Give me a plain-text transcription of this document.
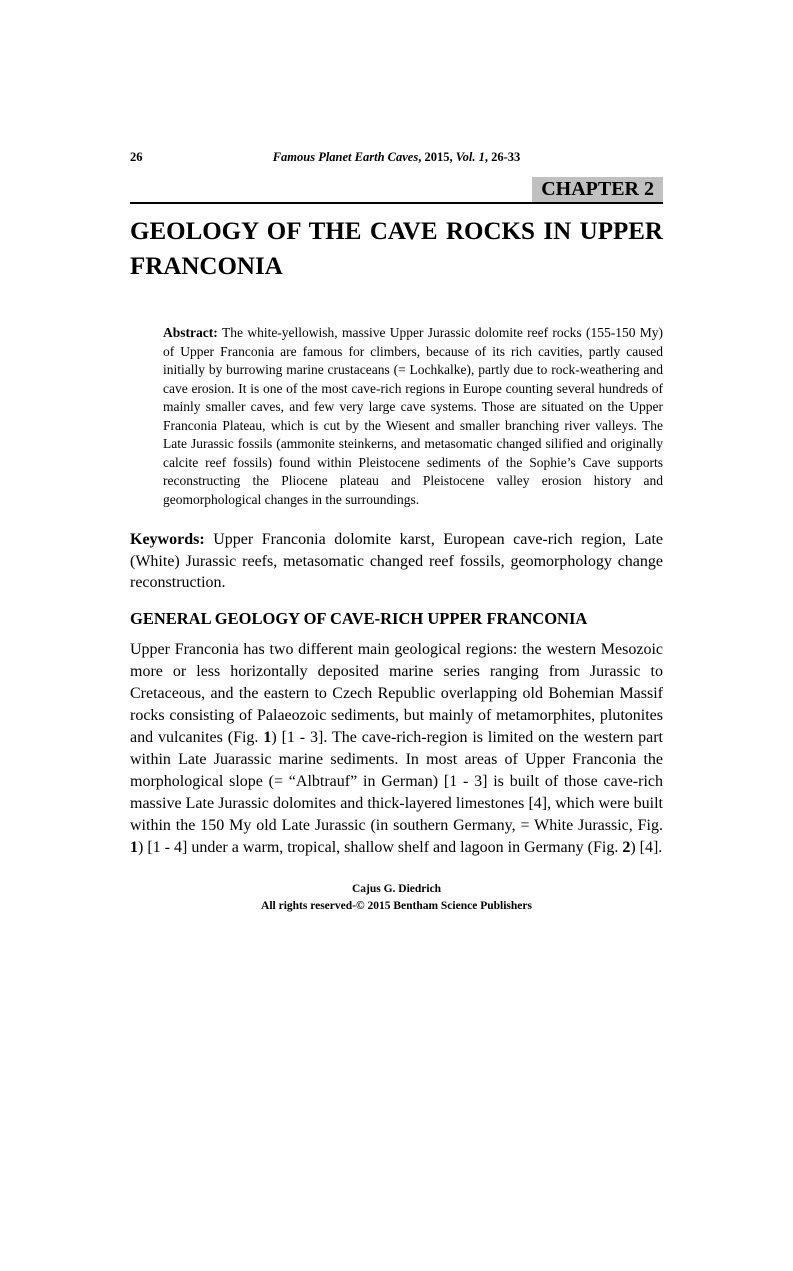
26	Famous Planet Earth Caves, 2015, Vol. 1, 26-33
CHAPTER 2
GEOLOGY OF THE CAVE ROCKS IN UPPER FRANCONIA

Abstract: The white-yellowish, massive Upper Jurassic dolomite reef rocks (155-150 My) of Upper Franconia are famous for climbers, because of its rich cavities, partly caused initially by burrowing marine crustaceans (= Lochkalke), partly due to rock-weathering and cave erosion. It is one of the most cave-rich regions in Europe counting several hundreds of mainly smaller caves, and few very large cave systems. Those are situated on the Upper Franconia Plateau, which is cut by the Wiesent and smaller branching river valleys. The Late Jurassic fossils (ammonite steinkerns, and metasomatic changed silified and originally calcite reef fossils) found within Pleistocene sediments of the Sophie’s Cave supports reconstructing the Pliocene plateau and Pleistocene valley erosion history and geomorphological changes in the surroundings.

Keywords: Upper Franconia dolomite karst, European cave-rich region, Late (White) Jurassic reefs, metasomatic changed reef fossils, geomorphology change reconstruction.

GENERAL GEOLOGY OF CAVE-RICH UPPER FRANCONIA

Upper Franconia has two different main geological regions: the western Mesozoic more or less horizontally deposited marine series ranging from Jurassic to Cretaceous, and the eastern to Czech Republic overlapping old Bohemian Massif rocks consisting of Palaeozoic sediments, but mainly of metamorphites, plutonites and vulcanites (Fig. 1) [1 - 3]. The cave-rich-region is limited on the western part within Late Juarassic marine sediments. In most areas of Upper Franconia the morphological slope (= “Albtrauf” in German) [1 - 3] is built of those cave-rich massive Late Jurassic dolomites and thick-layered limestones [4], which were built within the 150 My old Late Jurassic (in southern Germany, = White Jurassic, Fig. 1) [1 - 4] under a warm, tropical, shallow shelf and lagoon in Germany (Fig. 2) [4].

Cajus G. Diedrich
All rights reserved-© 2015 Bentham Science Publishers
